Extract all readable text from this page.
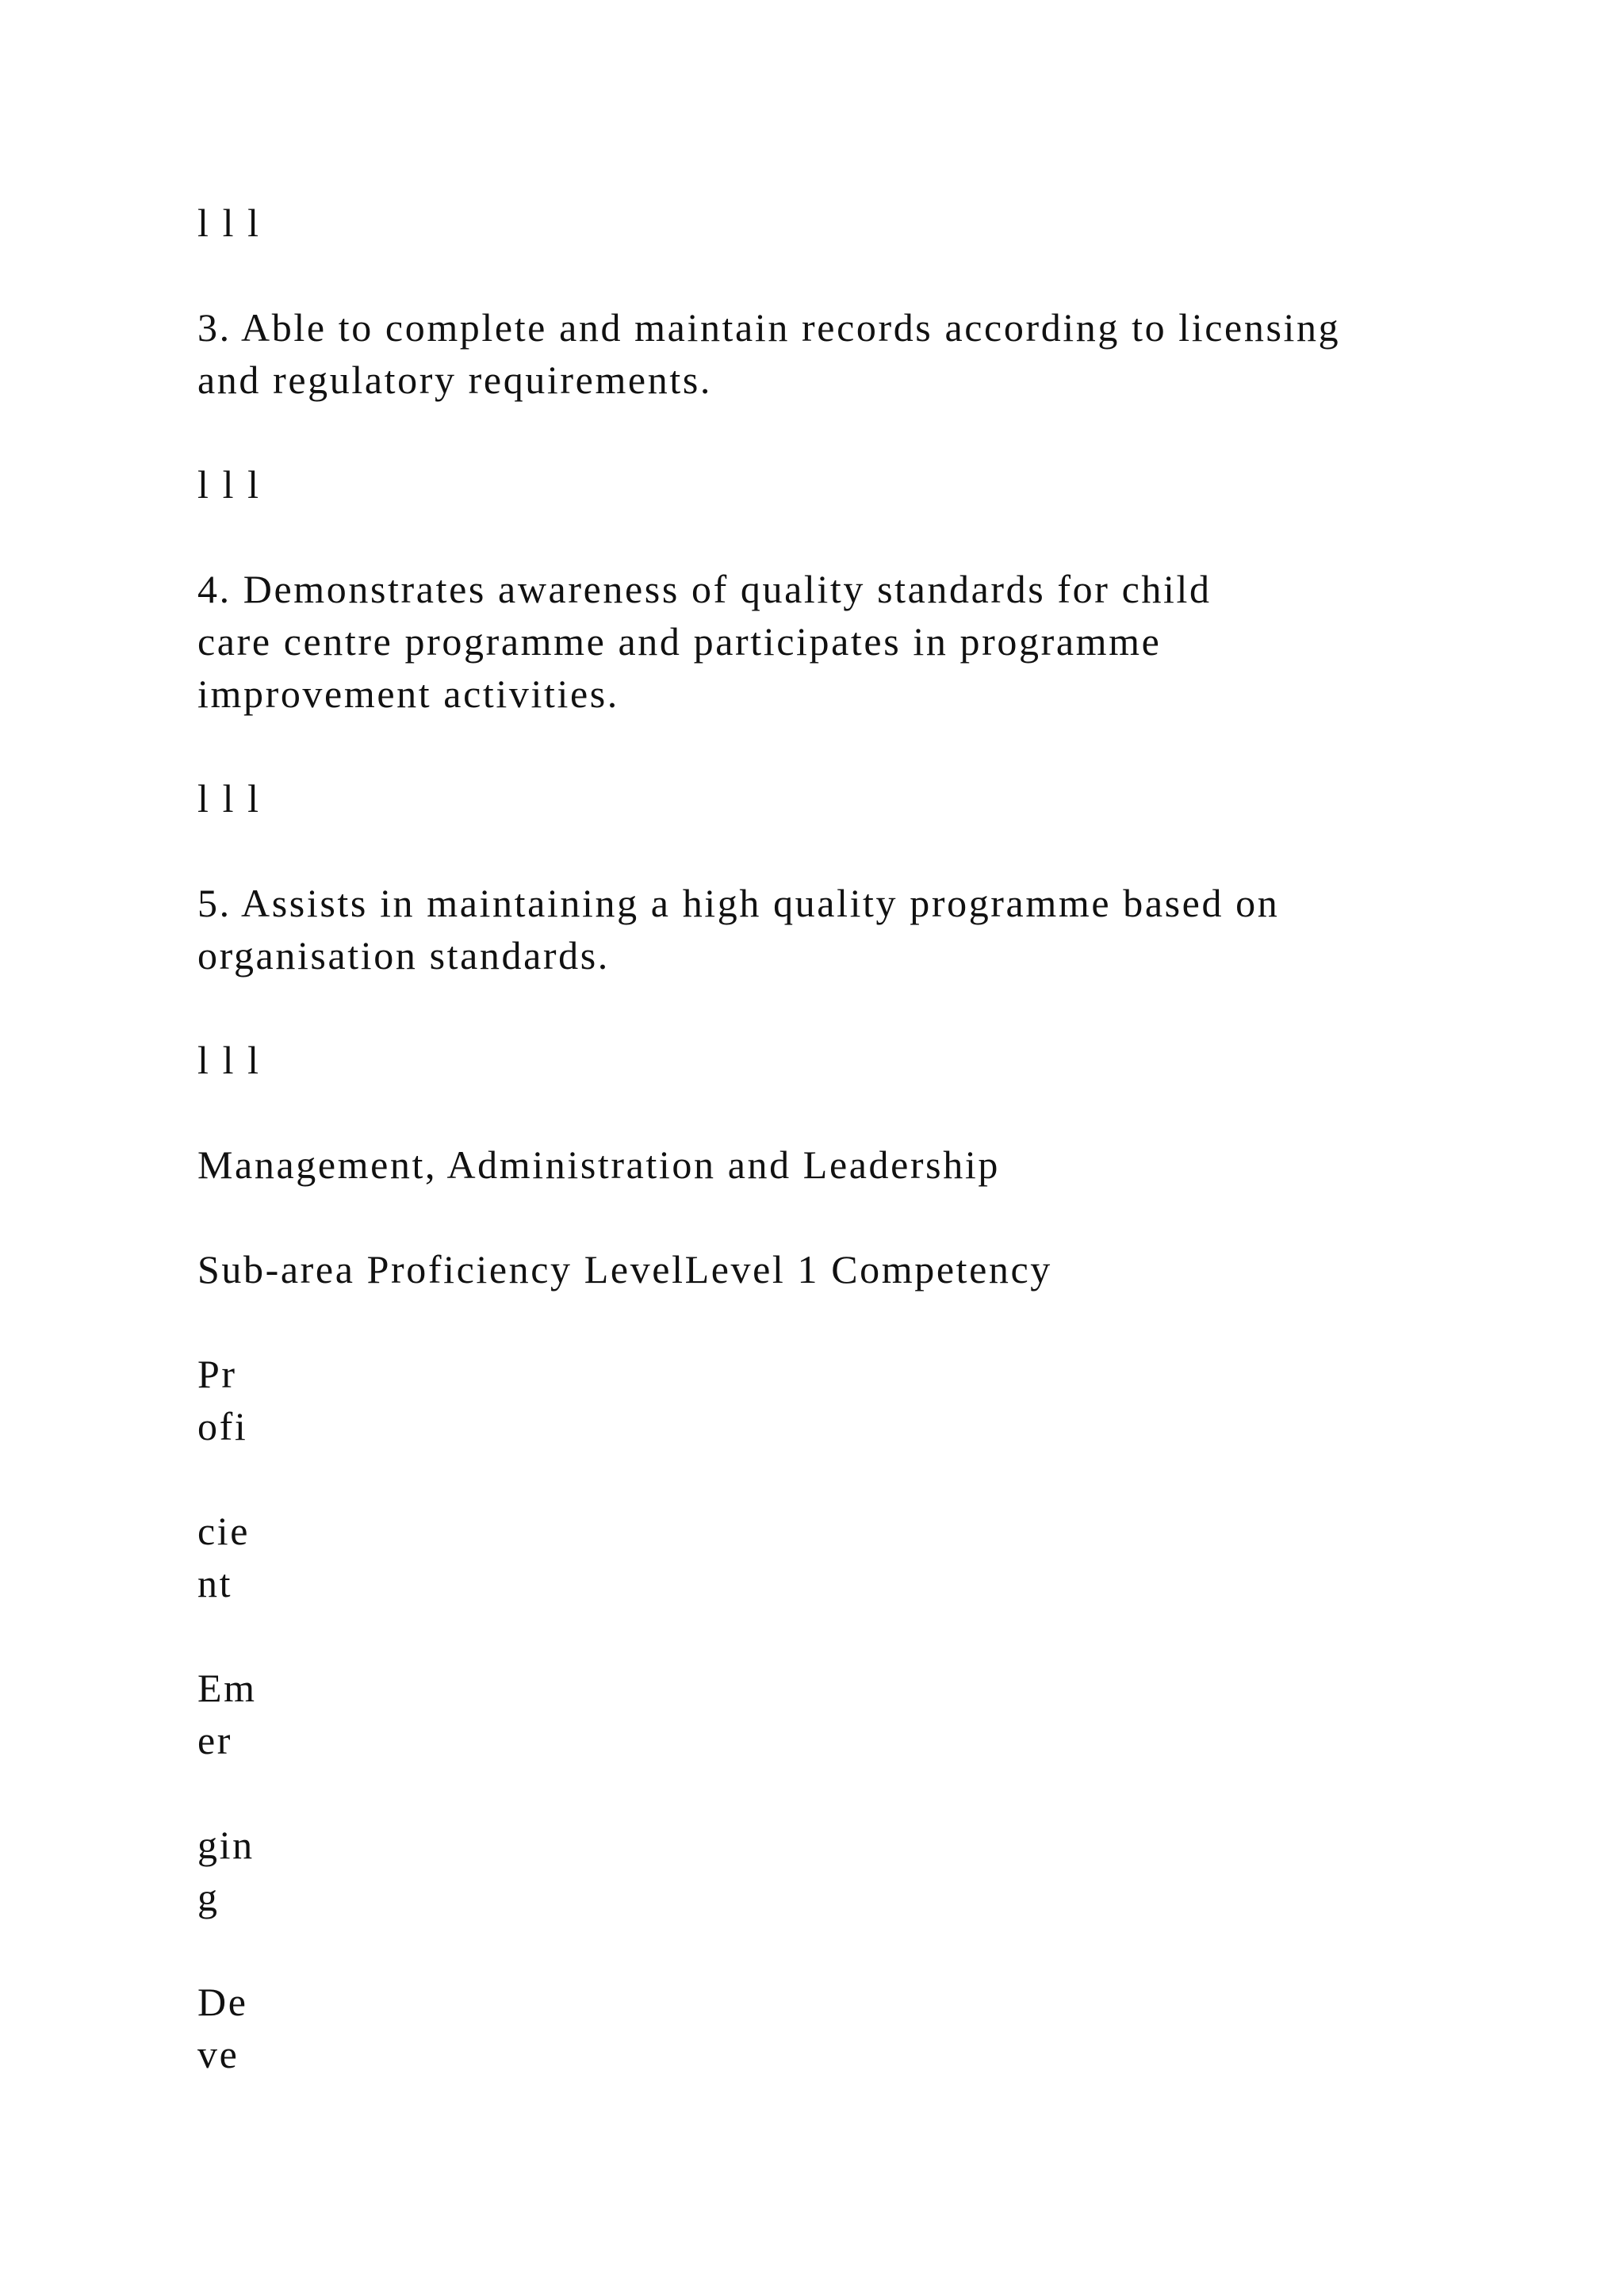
l l l

3. Able to complete and maintain records according to licensing

and regulatory requirements.

l l l

4. Demonstrates awareness of quality standards for child

care centre programme and participates in programme

improvement activities.

l l l

5. Assists in maintaining a high quality programme based on

organisation standards.

l l l

Management, Administration and Leadership

Sub-area Proficiency LevelLevel 1 Competency

Pr

ofi

cie

nt

Em

er

gin

g

De

ve
